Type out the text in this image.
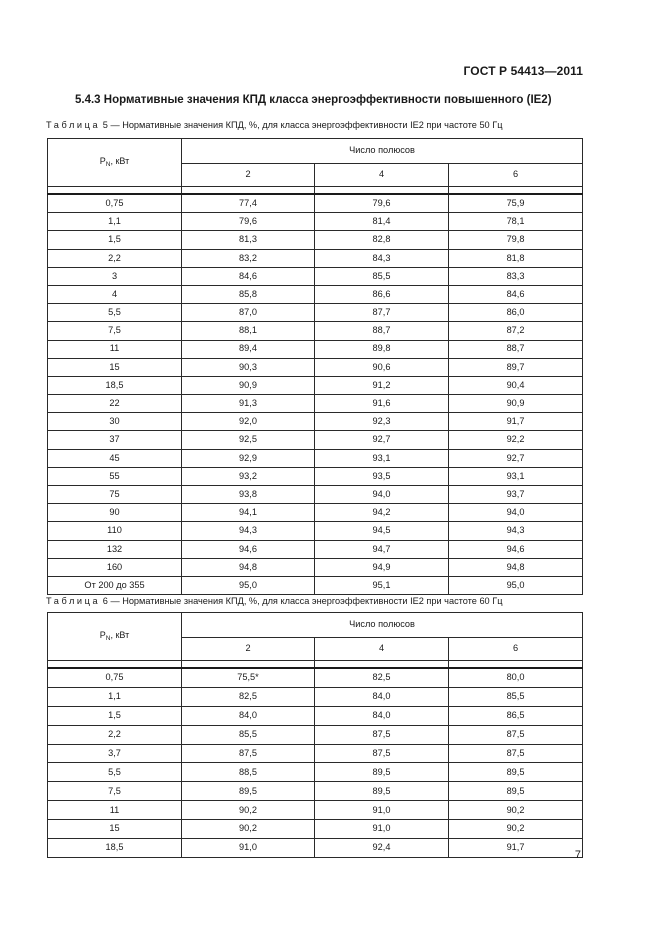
ГОСТ Р 54413—2011
5.4.3 Нормативные значения КПД класса энергоэффективности повышенного (IE2)
Таблица 5 — Нормативные значения КПД, %, для класса энергоэффективности IE2 при частоте 50 Гц
$P_N$, кВт	Число полюсов		
	2	4	6

0,75	77,4	79,6	75,9
1,1	79,6	81,4	78,1
1,5	81,3	82,8	79,8
2,2	83,2	84,3	81,8
3	84,6	85,5	83,3
4	85,8	86,6	84,6
5,5	87,0	87,7	86,0
7,5	88,1	88,7	87,2
11	89,4	89,8	88,7
15	90,3	90,6	89,7
18,5	90,9	91,2	90,4
22	91,3	91,6	90,9
30	92,0	92,3	91,7
37	92,5	92,7	92,2
45	92,9	93,1	92,7
55	93,2	93,5	93,1
75	93,8	94,0	93,7
90	94,1	94,2	94,0
110	94,3	94,5	94,3
132	94,6	94,7	94,6
160	94,8	94,9	94,8
От 200 до 355	95,0	95,1	95,0
Таблица 6 — Нормативные значения КПД, %, для класса энергоэффективности IE2 при частоте 60 Гц
$P_N$, кВт	Число полюсов		
	2	4	6

0,75	75,5*	82,5	80,0
1,1	82,5	84,0	85,5
1,5	84,0	84,0	86,5
2,2	85,5	87,5	87,5
3,7	87,5	87,5	87,5
5,5	88,5	89,5	89,5
7,5	89,5	89,5	89,5
11	90,2	91,0	90,2
15	90,2	91,0	90,2
18,5	91,0	92,4	91,7
7
